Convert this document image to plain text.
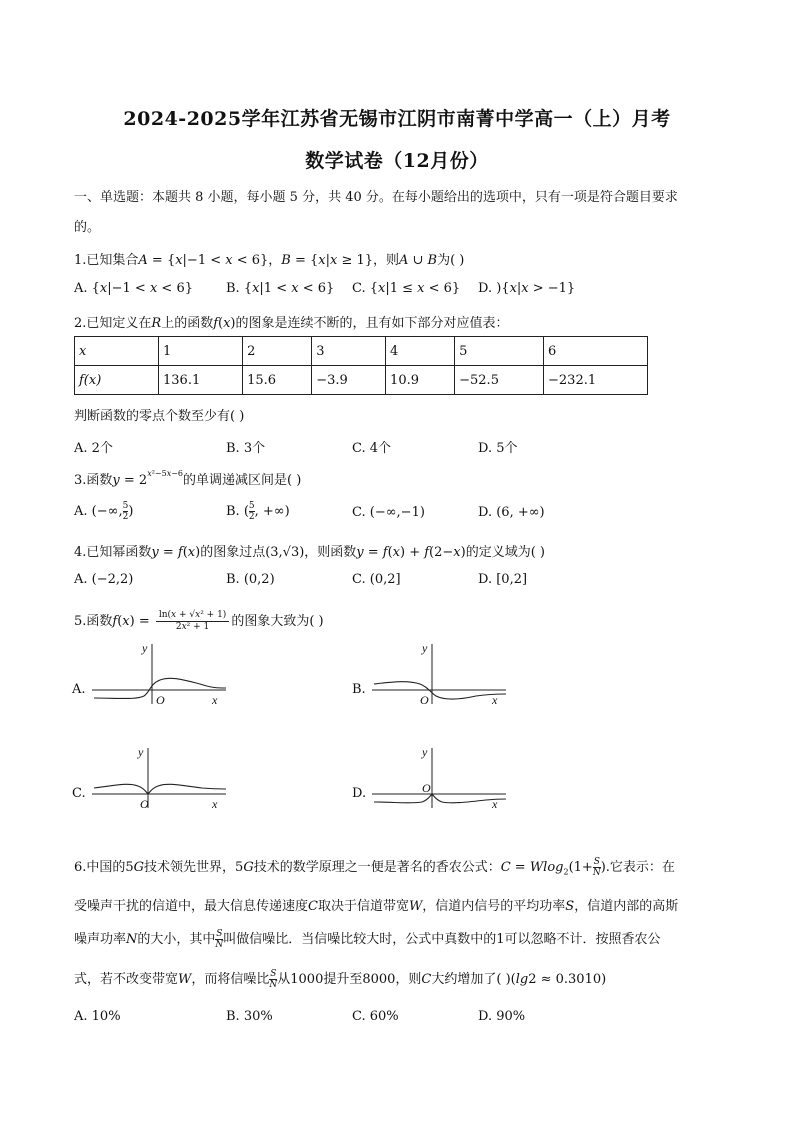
2024-2025学年江苏省无锡市江阴市南菁中学高一（上）月考
数学试卷（12月份）
一、单选题：本题共 8 小题，每小题 5 分，共 40 分。在每小题给出的选项中，只有一项是符合题目要求
的。
1.已知集合𝐴 = {𝑥|−1 < 𝑥 < 6}，𝐵 = {𝑥|𝑥 ≥ 1}，则𝐴 ∪ 𝐵为( )
A. {𝑥|−1 < 𝑥 < 6}	B. {𝑥|1 < 𝑥 < 6} C. {𝑥|1 ≤ 𝑥 < 6} D. ){𝑥|𝑥 > −1}
2.已知定义在𝑅上的函数𝑓(𝑥)的图象是连续不断的，且有如下部分对应值表：
x	1	2	3	4	5	6
f(x)	136.1	15.6	−3.9	10.9	−52.5	−232.1
判断函数的零点个数至少有( )
A. 2个	B. 3个	C. 4个	D. 5个
3.函数𝑦 = $2^{𝑥^2-5𝑥-6}$的单调递减区间是( )
A. (−∞, $\frac{5}{2}$ )	B. ( $\frac{5}{2}$ , +∞)	C. (−∞,−1)	D. (6, +∞)
4.已知幂函数𝑦 = 𝑓(𝑥)的图象过点(3,√3)，则函数𝑦 = 𝑓(𝑥) + 𝑓(2−𝑥)的定义域为( )
A. (−2,2)	B. (0,2)	C. (0,2]	D. [0,2]
5.函数𝑓(𝑥) =	ln(𝑥 + √𝑥² + 1)
2𝑥² + 1	的图象大致为( )
A.
y
x
O
B.
y
x
O
C.
y
x
O
D.
y
x
O
6.中国的5𝐺技术领先世界，5𝐺技术的数学原理之一便是著名的香农公式：𝐶 = 𝑊𝑙𝑜𝑔$_2$(1+ 𝑆
𝑁 ).它表示：在
受噪声干扰的信道中，最大信息传递速度𝐶取决于信道带宽𝑊，信道内信号的平均功率𝑆，信道内部的高斯
噪声功率𝑁的大小，其中 𝑆
𝑁 叫做信噪比．当信噪比较大时，公式中真数中的1可以忽略不计．按照香农公
式，若不改变带宽𝑊，而将信噪比 𝑆
𝑁 从1000提升至8000，则𝐶大约增加了( )(𝑙𝑔2 ≈ 0.3010)
A. 10%	B. 30%	C. 60%	D. 90%
